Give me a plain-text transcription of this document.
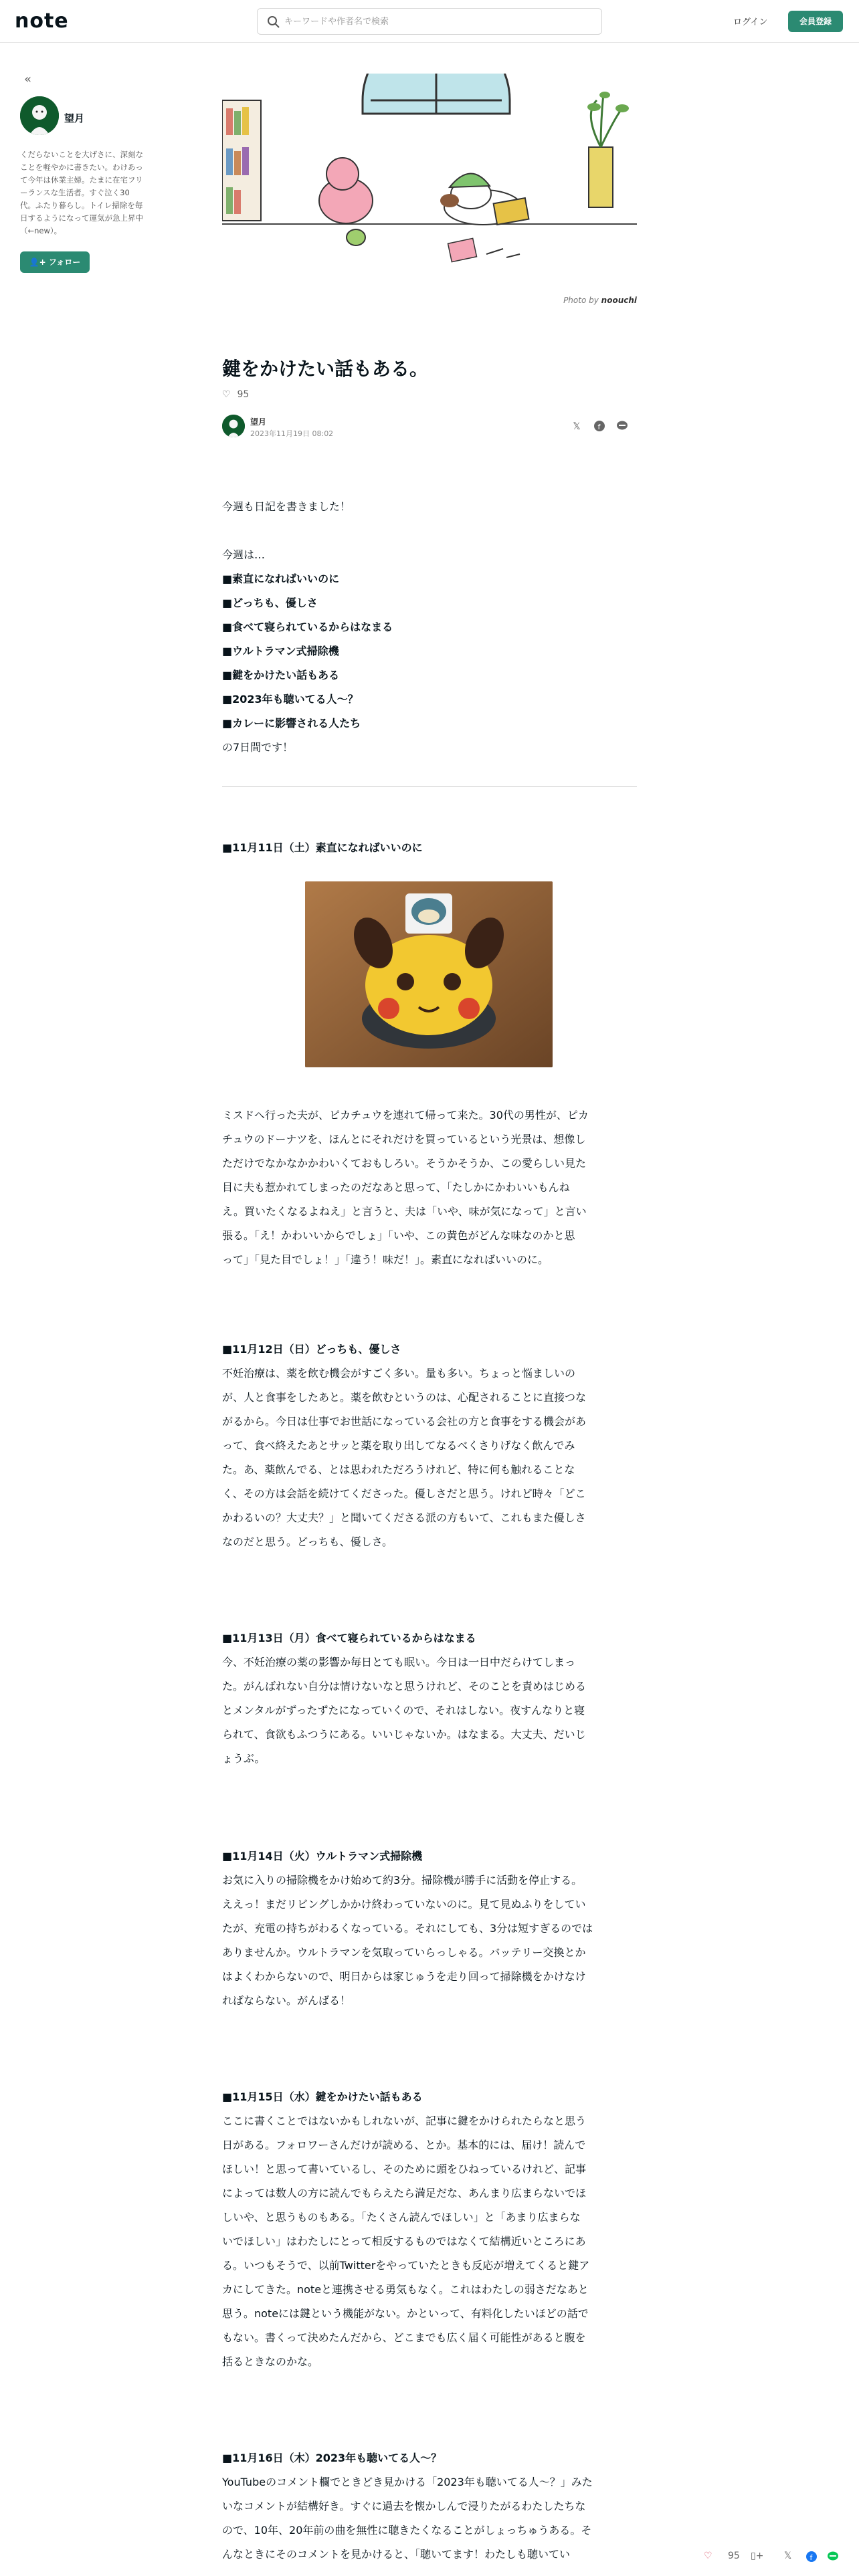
note
キーワードや作者名で検索	ログイン	会員登録
«
望月
くだらないことを大げさに、深刻なことを軽やかに書きたい。わけあって今年は休業主婦。たまに在宅フリーランスな生活者。すぐ泣く30代。ふたり暮らし。トイレ掃除を毎日するようになって運気が急上昇中（←new）。
👤+ フォロー
Photo by noouchi
鍵をかけたい話もある。
♡ 95
望月
2023年11月19日 08:02
𝕏	f
今週も日記を書きました！
今週は…
■素直になればいいのに
■どっちも、優しさ
■食べて寝られているからはなまる
■ウルトラマン式掃除機
■鍵をかけたい話もある
■2023年も聴いてる人〜？
■カレーに影響される人たち
の7日間です！
■11月11日（土）素直になればいいのに
ミスドへ行った夫が、ピカチュウを連れて帰って来た。30代の男性が、ピカ
チュウのドーナツを、ほんとにそれだけを買っているという光景は、想像し
ただけでなかなかかわいくておもしろい。そうかそうか、この愛らしい見た
目に夫も惹かれてしまったのだなあと思って、「たしかにかわいいもんね
え。買いたくなるよねえ」と言うと、夫は「いや、味が気になって」と言い
張る。「え！かわいいからでしょ」「いや、この黄色がどんな味なのかと思
って」「見た目でしょ！」「違う！味だ！」。素直になればいいのに。
■11月12日（日）どっちも、優しさ
不妊治療は、薬を飲む機会がすごく多い。量も多い。ちょっと悩ましいの
が、人と食事をしたあと。薬を飲むというのは、心配されることに直接つな
がるから。今日は仕事でお世話になっている会社の方と食事をする機会があ
って、食べ終えたあとサッと薬を取り出してなるべくさりげなく飲んでみ
た。あ、薬飲んでる、とは思われただろうけれど、特に何も触れることな
く、その方は会話を続けてくださった。優しさだと思う。けれど時々「どこ
かわるいの？大丈夫？」と聞いてくださる派の方もいて、これもまた優しさ
なのだと思う。どっちも、優しさ。
■11月13日（月）食べて寝られているからはなまる
今、不妊治療の薬の影響か毎日とても眠い。今日は一日中だらけてしまっ
た。がんばれない自分は情けないなと思うけれど、そのことを責めはじめる
とメンタルがずったずたになっていくので、それはしない。夜すんなりと寝
られて、食欲もふつうにある。いいじゃないか。はなまる。大丈夫、だいじ
ょうぶ。
■11月14日（火）ウルトラマン式掃除機
お気に入りの掃除機をかけ始めて約3分。掃除機が勝手に活動を停止する。
ええっ！まだリビングしかかけ終わっていないのに。見て見ぬふりをしてい
たが、充電の持ちがわるくなっている。それにしても、3分は短すぎるのでは
ありませんか。ウルトラマンを気取っていらっしゃる。バッテリー交換とか
はよくわからないので、明日からは家じゅうを走り回って掃除機をかけなけ
ればならない。がんばる！
■11月15日（水）鍵をかけたい話もある
ここに書くことではないかもしれないが、記事に鍵をかけられたらなと思う
日がある。フォロワーさんだけが読める、とか。基本的には、届け！読んで
ほしい！と思って書いているし、そのために頭をひねっているけれど、記事
によっては数人の方に読んでもらえたら満足だな、あんまり広まらないでほ
しいや、と思うものもある。「たくさん読んでほしい」と「あまり広まらな
いでほしい」はわたしにとって相反するものではなくて結構近いところにあ
る。いつもそうで、以前Twitterをやっていたときも反応が増えてくると鍵ア
カにしてきた。noteと連携させる勇気もなく。これはわたしの弱さだなあと
思う。noteには鍵という機能がない。かといって、有料化したいほどの話で
もない。書くって決めたんだから、どこまでも広く届く可能性があると腹を
括るときなのかな。
■11月16日（木）2023年も聴いてる人〜？
YouTubeのコメント欄でときどき見かける「2023年も聴いてる人〜？」みた
いなコメントが結構好き。すぐに過去を懐かしんで浸りたがるわたしたちな
ので、10年、20年前の曲を無性に聴きたくなることがしょっちゅうある。そ
んなときにそのコメントを見かけると、「聴いてます！わたしも聴いてい	♡ 95 ▯+ 𝕏 f
